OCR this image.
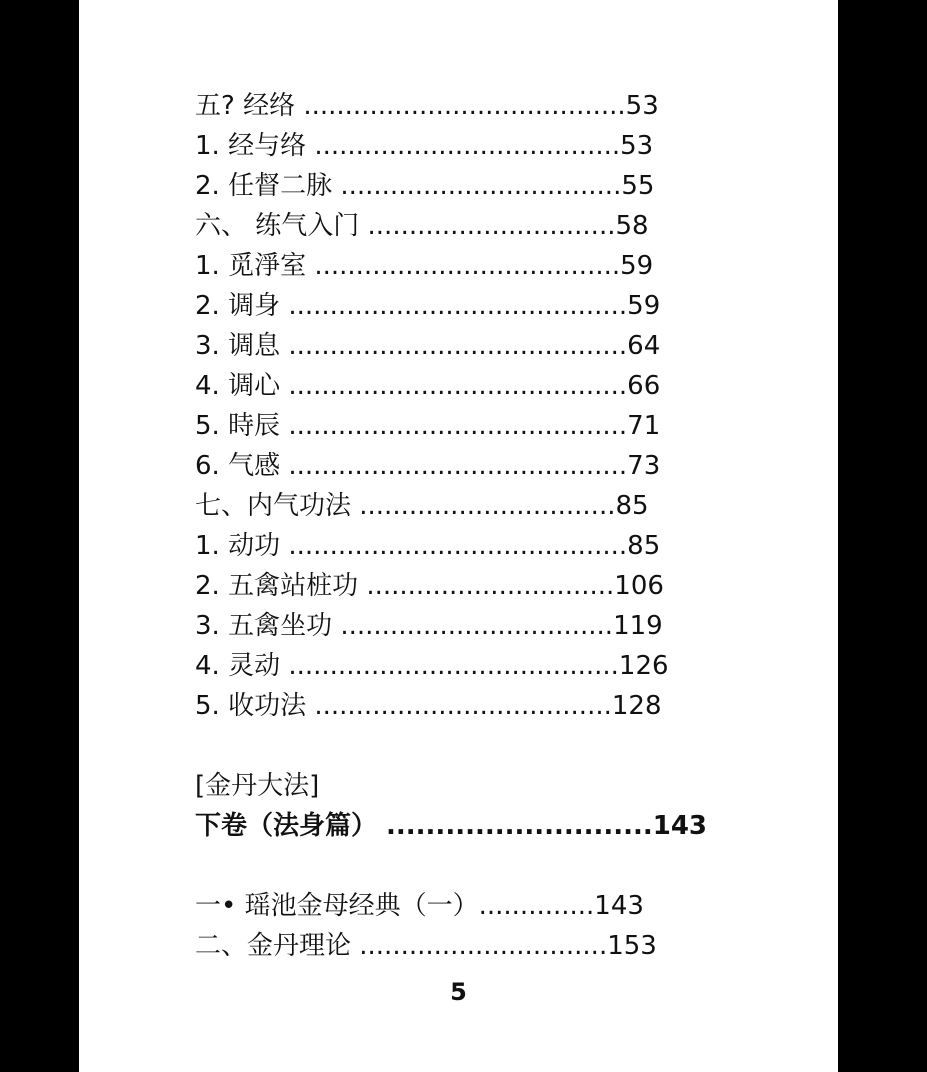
五? 经络 .......................................53
1. 经与络 .....................................53
2. 任督二脉 ..................................55
六、 练气入门 ..............................58
1. 觅淨室 .....................................59
2. 调身 .........................................59
3. 调息 .........................................64
4. 调心 .........................................66
5. 時辰 .........................................71
6. 气感 .........................................73
七、内气功法 ...............................85
1. 动功 .........................................85
2. 五禽站桩功 ..............................106
3. 五禽坐功 .................................119
4. 灵动 ........................................126
5. 收功法 ....................................128
[金丹大法]
下卷（法身篇） ...........................143
一• 瑶池金母经典（一）..............143
二、金丹理论 ..............................153
5
